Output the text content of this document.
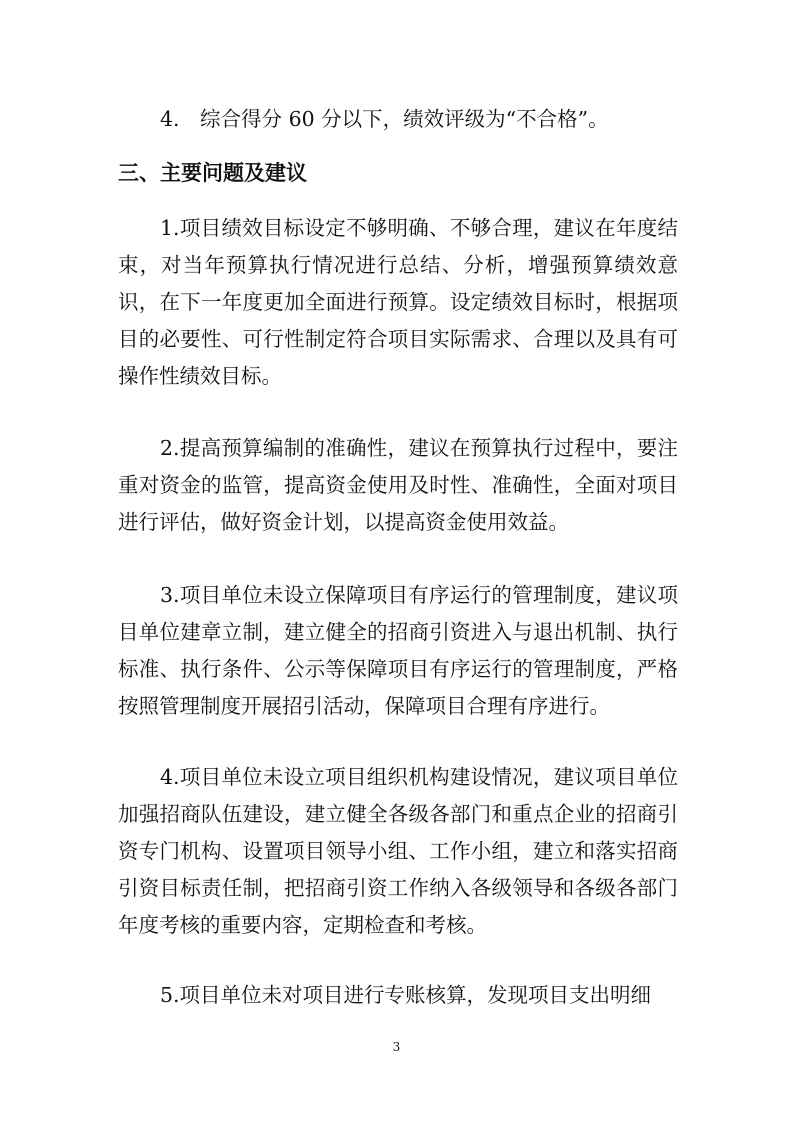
4.　综合得分 60 分以下，绩效评级为“不合格”。

三、主要问题及建议

1.项目绩效目标设定不够明确、不够合理，建议在年度结束，对当年预算执行情况进行总结、分析，增强预算绩效意识，在下一年度更加全面进行预算。设定绩效目标时，根据项目的必要性、可行性制定符合项目实际需求、合理以及具有可操作性绩效目标。

2.提高预算编制的准确性，建议在预算执行过程中，要注重对资金的监管，提高资金使用及时性、准确性，全面对项目进行评估，做好资金计划，以提高资金使用效益。

3.项目单位未设立保障项目有序运行的管理制度，建议项目单位建章立制，建立健全的招商引资进入与退出机制、执行标准、执行条件、公示等保障项目有序运行的管理制度，严格按照管理制度开展招引活动，保障项目合理有序进行。

4.项目单位未设立项目组织机构建设情况，建议项目单位加强招商队伍建设，建立健全各级各部门和重点企业的招商引资专门机构、设置项目领导小组、工作小组，建立和落实招商引资目标责任制，把招商引资工作纳入各级领导和各级各部门年度考核的重要内容，定期检查和考核。

5.项目单位未对项目进行专账核算，发现项目支出明细

3
